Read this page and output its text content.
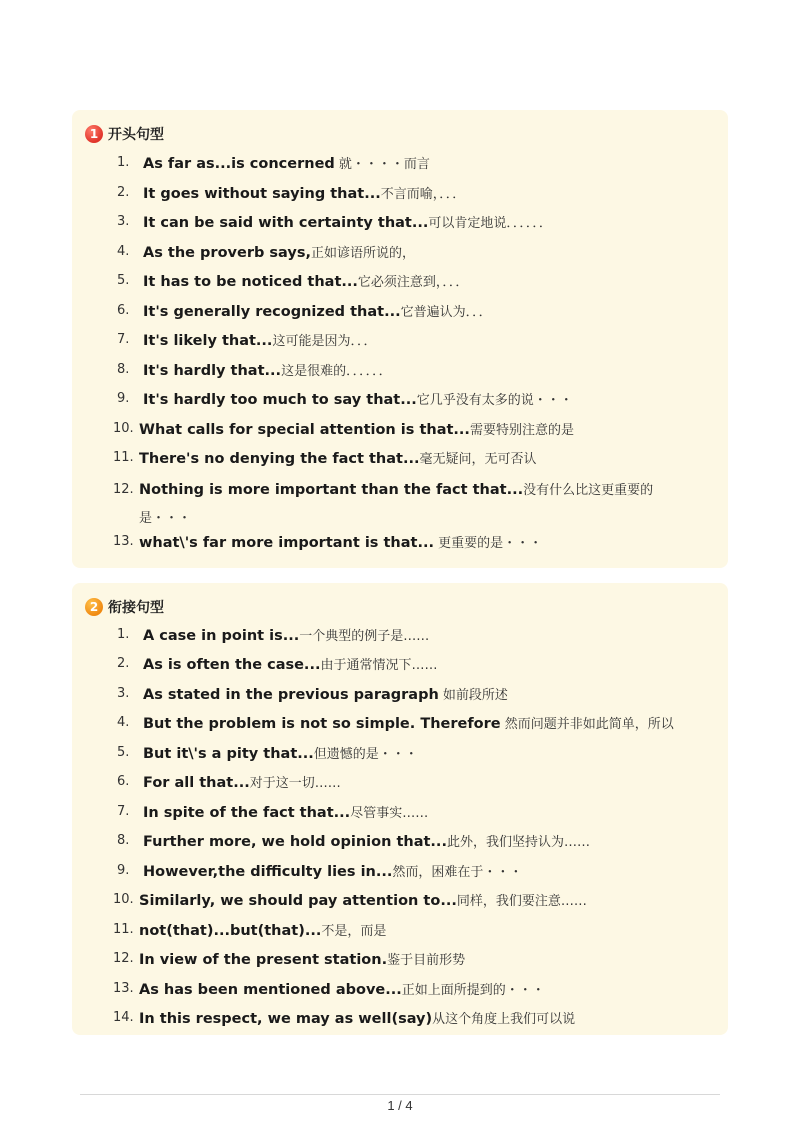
1 开头句型
1. As far as...is concerned 就・・・・而言
2. It goes without saying that...不言而喻，．．．
3. It can be said with certainty that...可以肯定地说．．．．．．
4. As the proverb says,正如谚语所说的，
5. It has to be noticed that...它必须注意到，．．．
6. It's generally recognized that...它普遍认为．．．
7. It's likely that...这可能是因为．．．
8. It's hardly that...这是很难的．．．．．．
9. It's hardly too much to say that...它几乎没有太多的说・・・
10. What calls for special attention is that...需要特别注意的是
11. There's no denying the fact that...毫无疑问，无可否认
12. Nothing is more important than the fact that...没有什么比这更重要的是・・・
13. what\'s far more important is that... 更重要的是・・・
2 衔接句型
1. A case in point is...一个典型的例子是……
2. As is often the case...由于通常情况下……
3. As stated in the previous paragraph 如前段所述
4. But the problem is not so simple. Therefore 然而问题并非如此简单，所以
5. But it\'s a pity that...但遗憾的是・・・
6. For all that...对于这一切……
7. In spite of the fact that...尽管事实……
8. Further more, we hold opinion that...此外，我们坚持认为……
9. However,the difficulty lies in...然而，困难在于・・・
10. Similarly, we should pay attention to...同样，我们要注意……
11. not(that)...but(that)...不是，而是
12. In view of the present station.鉴于目前形势
13. As has been mentioned above...正如上面所提到的・・・
14. In this respect, we may as well(say)从这个角度上我们可以说
1 / 4
